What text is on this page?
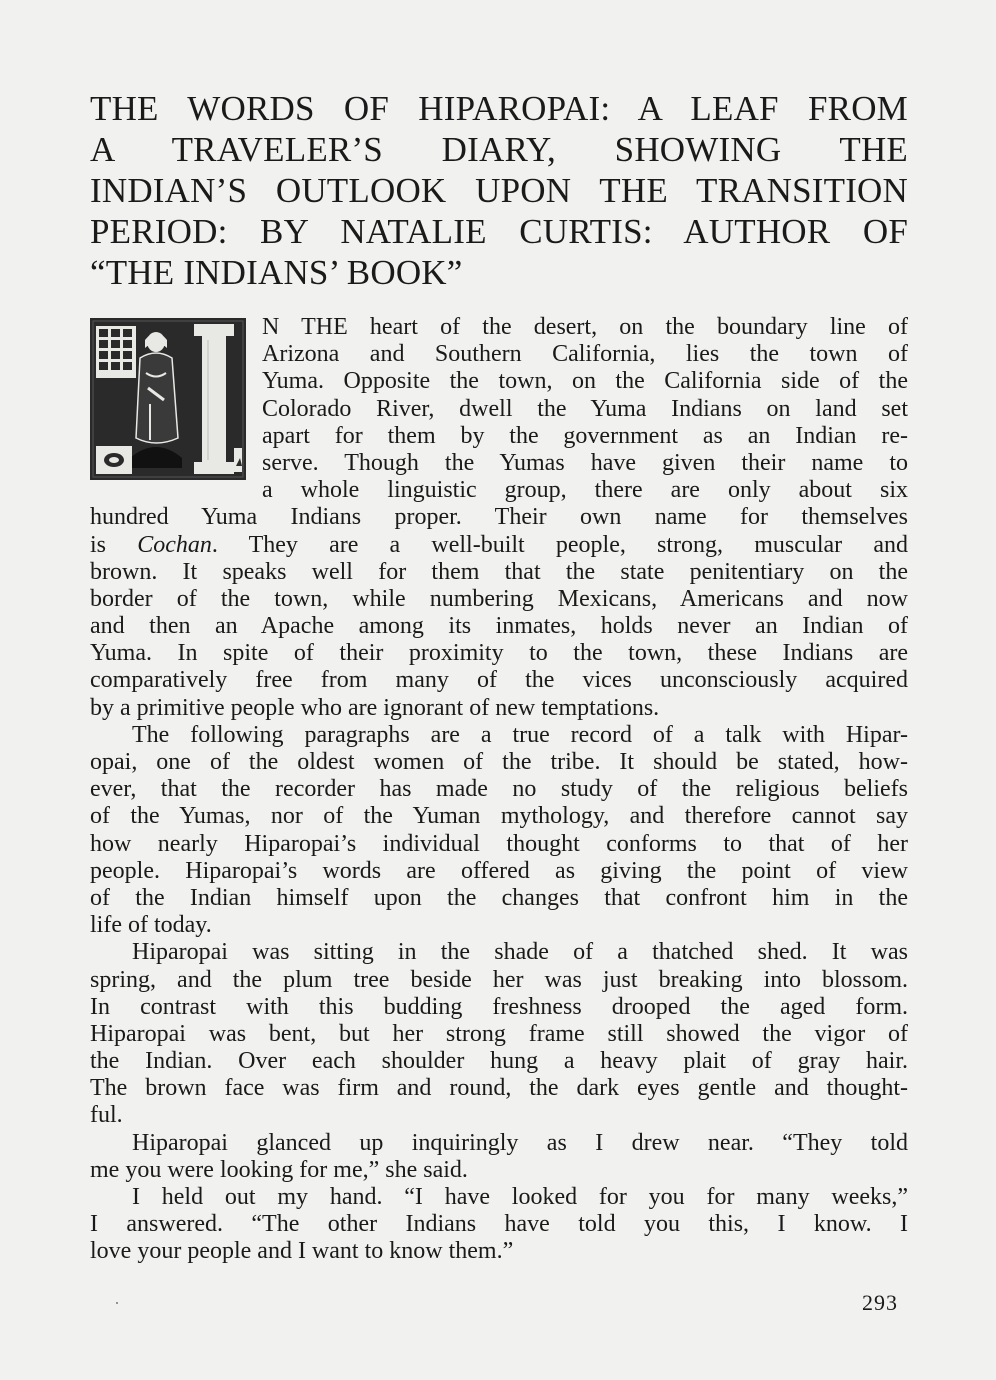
THE WORDS OF HIPAROPAI: A LEAF FROM
A TRAVELER’S DIARY, SHOWING THE
INDIAN’S OUTLOOK UPON THE TRANSITION
PERIOD: BY NATALIE CURTIS: AUTHOR OF
“THE INDIANS’ BOOK”
N THE heart of the desert, on the boundary line of
Arizona and Southern California, lies the town of
Yuma. Opposite the town, on the California side of the
Colorado River, dwell the Yuma Indians on land set
apart for them by the government as an Indian re-
serve. Though the Yumas have given their name to
a whole linguistic group, there are only about six
hundred Yuma Indians proper. Their own name for themselves
is Cochan. They are a well-built people, strong, muscular and
brown. It speaks well for them that the state penitentiary on the
border of the town, while numbering Mexicans, Americans and now
and then an Apache among its inmates, holds never an Indian of
Yuma. In spite of their proximity to the town, these Indians are
comparatively free from many of the vices unconsciously acquired
by a primitive people who are ignorant of new temptations.
The following paragraphs are a true record of a talk with Hipar-
opai, one of the oldest women of the tribe. It should be stated, how-
ever, that the recorder has made no study of the religious beliefs
of the Yumas, nor of the Yuman mythology, and therefore cannot say
how nearly Hiparopai’s individual thought conforms to that of her
people. Hiparopai’s words are offered as giving the point of view
of the Indian himself upon the changes that confront him in the
life of today.
Hiparopai was sitting in the shade of a thatched shed. It was
spring, and the plum tree beside her was just breaking into blossom.
In contrast with this budding freshness drooped the aged form.
Hiparopai was bent, but her strong frame still showed the vigor of
the Indian. Over each shoulder hung a heavy plait of gray hair.
The brown face was firm and round, the dark eyes gentle and thought-
ful.
Hiparopai glanced up inquiringly as I drew near. “They told
me you were looking for me,” she said.
I held out my hand. “I have looked for you for many weeks,”
I answered. “The other Indians have told you this, I know. I
love your people and I want to know them.”
293
